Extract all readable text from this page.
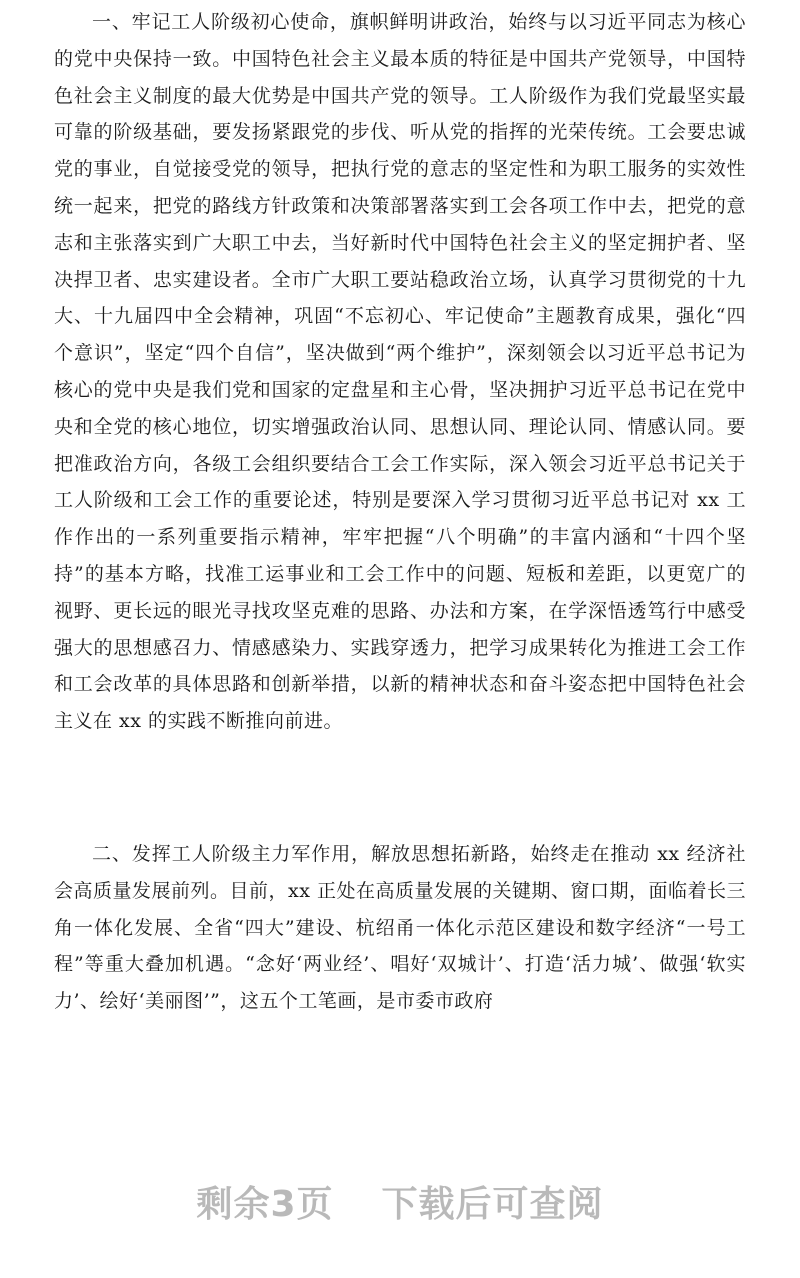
一、牢记工人阶级初心使命，旗帜鲜明讲政治，始终与以习近平同志为核心的党中央保持一致。中国特色社会主义最本质的特征是中国共产党领导，中国特色社会主义制度的最大优势是中国共产党的领导。工人阶级作为我们党最坚实最可靠的阶级基础，要发扬紧跟党的步伐、听从党的指挥的光荣传统。工会要忠诚党的事业，自觉接受党的领导，把执行党的意志的坚定性和为职工服务的实效性统一起来，把党的路线方针政策和决策部署落实到工会各项工作中去，把党的意志和主张落实到广大职工中去，当好新时代中国特色社会主义的坚定拥护者、坚决捍卫者、忠实建设者。全市广大职工要站稳政治立场，认真学习贯彻党的十九大、十九届四中全会精神，巩固“不忘初心、牢记使命”主题教育成果，强化“四个意识”，坚定“四个自信”，坚决做到“两个维护”，深刻领会以习近平总书记为核心的党中央是我们党和国家的定盘星和主心骨，坚决拥护习近平总书记在党中央和全党的核心地位，切实增强政治认同、思想认同、理论认同、情感认同。要把准政治方向，各级工会组织要结合工会工作实际，深入领会习近平总书记关于工人阶级和工会工作的重要论述，特别是要深入学习贯彻习近平总书记对 xx 工作作出的一系列重要指示精神，牢牢把握“八个明确”的丰富内涵和“十四个坚持”的基本方略，找准工运事业和工会工作中的问题、短板和差距，以更宽广的视野、更长远的眼光寻找攻坚克难的思路、办法和方案，在学深悟透笃行中感受强大的思想感召力、情感感染力、实践穿透力，把学习成果转化为推进工会工作和工会改革的具体思路和创新举措，以新的精神状态和奋斗姿态把中国特色社会主义在 xx 的实践不断推向前进。

二、发挥工人阶级主力军作用，解放思想拓新路，始终走在推动 xx 经济社会高质量发展前列。目前，xx 正处在高质量发展的关键期、窗口期，面临着长三角一体化发展、全省“四大”建设、杭绍甬一体化示范区建设和数字经济“一号工程”等重大叠加机遇。“念好‘两业经’、唱好‘双城计’、打造‘活力城’、做强‘软实力’、绘好‘美丽图’”，这五个工笔画，是市委市政府

剩余3页 下载后可查阅
